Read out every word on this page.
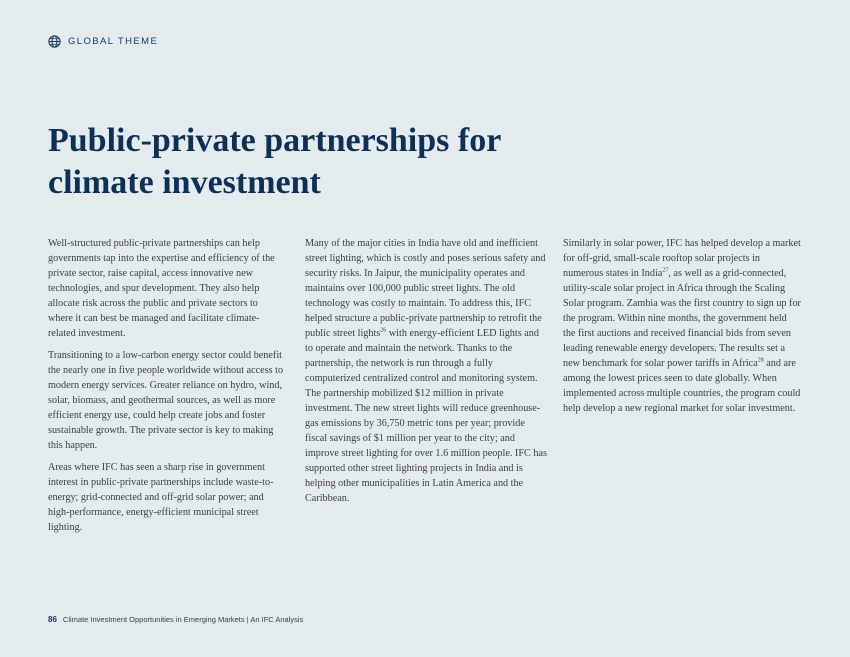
GLOBAL THEME
Public-private partnerships for climate investment

Well-structured public-private partnerships can help governments tap into the expertise and efficiency of the private sector, raise capital, access innovative new technologies, and spur development. They also help allocate risk across the public and private sectors to where it can best be managed and facilitate climate-related investment.

Transitioning to a low-carbon energy sector could benefit the nearly one in five people worldwide without access to modern energy services. Greater reliance on hydro, wind, solar, biomass, and geothermal sources, as well as more efficient energy use, could help create jobs and foster sustainable growth. The private sector is key to making this happen.

Areas where IFC has seen a sharp rise in government interest in public-private partnerships include waste-to-energy; grid-connected and off-grid solar power; and high-performance, energy-efficient municipal street lighting.

Many of the major cities in India have old and inefficient street lighting, which is costly and poses serious safety and security risks. In Jaipur, the municipality operates and maintains over 100,000 public street lights. The old technology was costly to maintain. To address this, IFC helped structure a public-private partnership to retrofit the public street lights$^{26}$ with energy-efficient LED lights and to operate and maintain the network. Thanks to the partnership, the network is run through a fully computerized centralized control and monitoring system. The partnership mobilized $12 million in private investment. The new street lights will reduce greenhouse-gas emissions by 36,750 metric tons per year; provide fiscal savings of $1 million per year to the city; and improve street lighting for over 1.6 million people. IFC has supported other street lighting projects in India and is helping other municipalities in Latin America and the Caribbean.

Similarly in solar power, IFC has helped develop a market for off-grid, small-scale rooftop solar projects in numerous states in India$^{27}$, as well as a grid-connected, utility-scale solar project in Africa through the Scaling Solar program. Zambia was the first country to sign up for the program. Within nine months, the government held the first auctions and received financial bids from seven leading renewable energy developers. The results set a new benchmark for solar power tariffs in Africa$^{28}$ and are among the lowest prices seen to date globally. When implemented across multiple countries, the program could help develop a new regional market for solar investment.

86 Climate Investment Opportunities in Emerging Markets | An IFC Analysis
